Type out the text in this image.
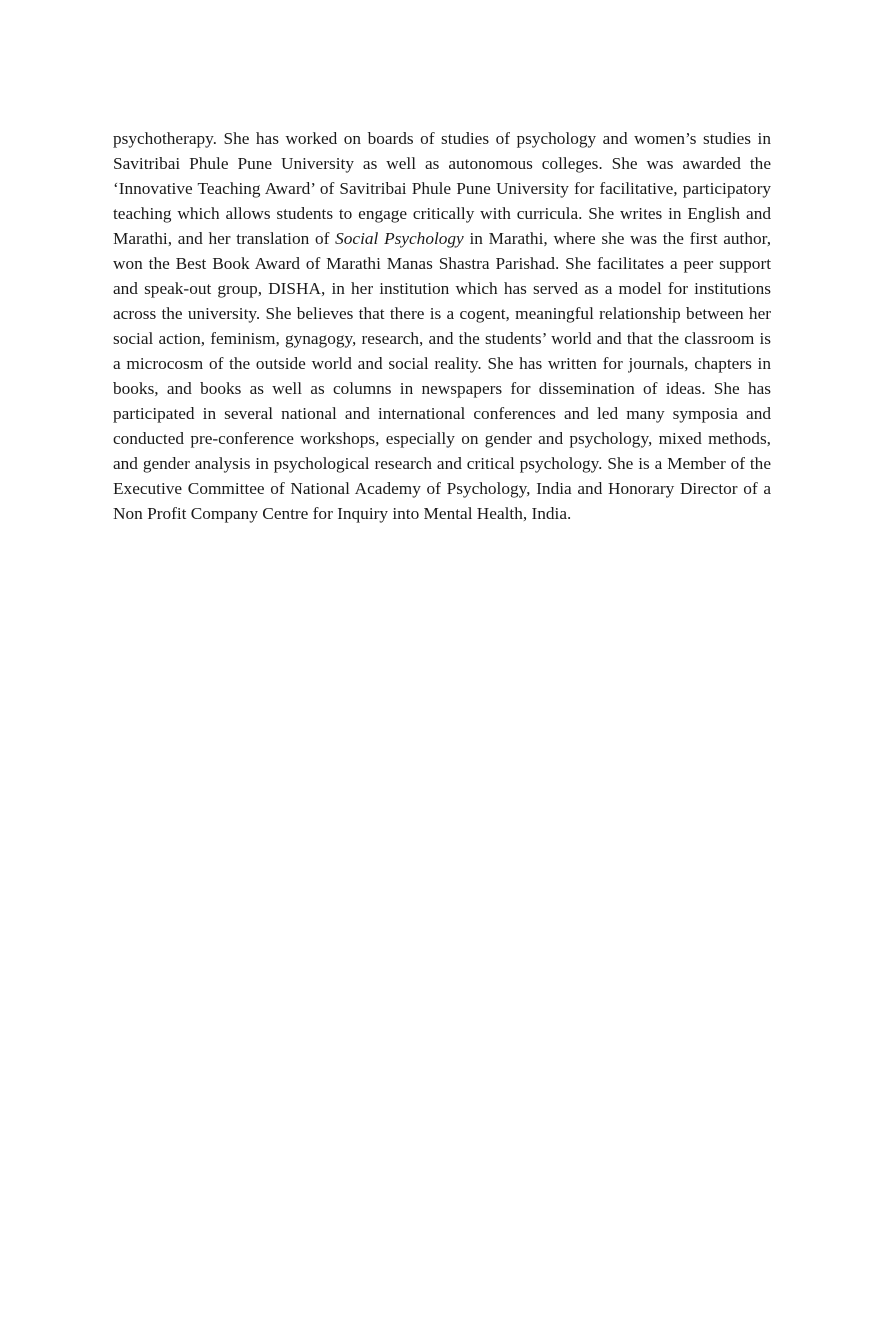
psychotherapy. She has worked on boards of studies of psychology and women’s studies in Savitribai Phule Pune University as well as autonomous colleges. She was awarded the ‘Innovative Teaching Award’ of Savitribai Phule Pune University for facilitative, participatory teaching which allows students to engage critically with curricula. She writes in English and Marathi, and her translation of Social Psychology in Marathi, where she was the first author, won the Best Book Award of Marathi Manas Shastra Parishad. She facilitates a peer support and speak-out group, DISHA, in her institution which has served as a model for institutions across the university. She believes that there is a cogent, meaningful relationship between her social action, feminism, gynagogy, research, and the students’ world and that the classroom is a microcosm of the outside world and social reality. She has written for journals, chapters in books, and books as well as columns in newspapers for dissemination of ideas. She has participated in several national and international conferences and led many symposia and conducted pre-conference workshops, especially on gender and psychology, mixed methods, and gender analysis in psychological research and critical psychology. She is a Member of the Executive Committee of National Academy of Psychology, India and Honorary Director of a Non Profit Company Centre for Inquiry into Mental Health, India.
